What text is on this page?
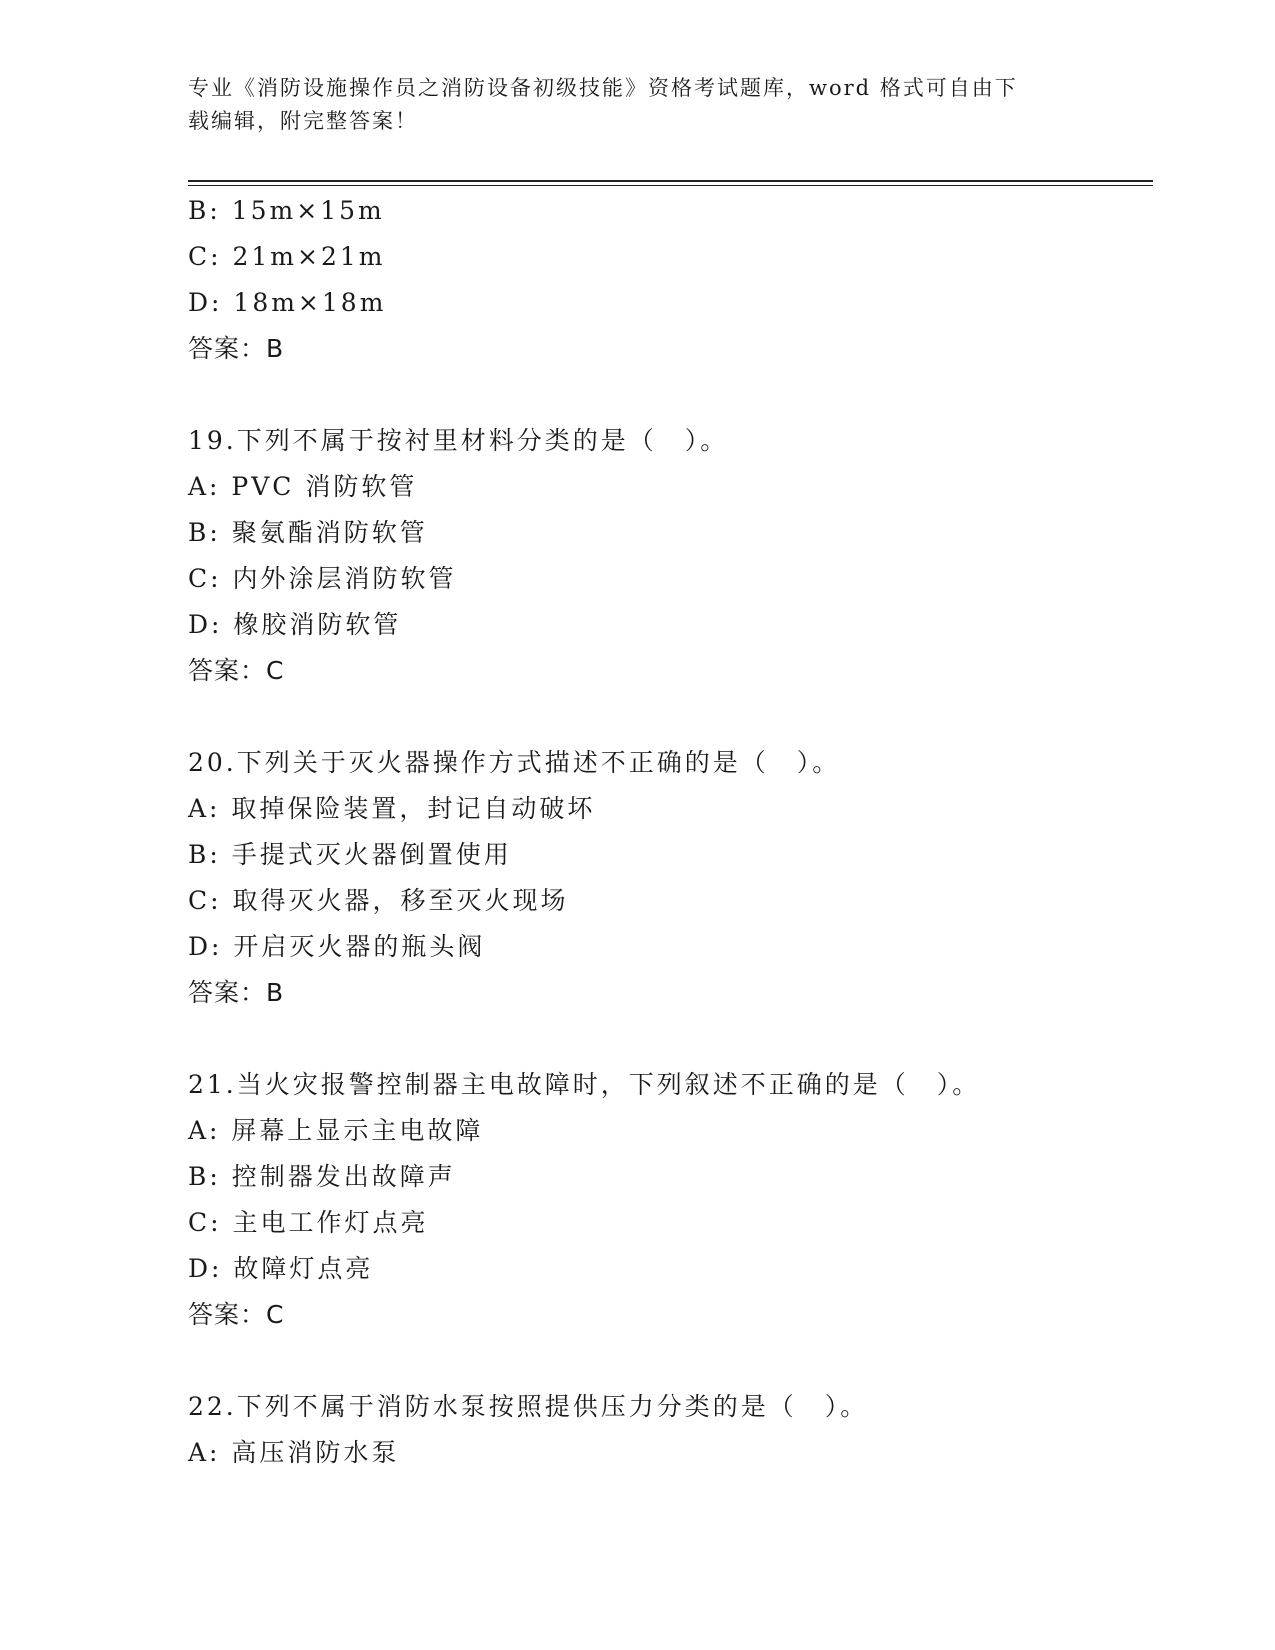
专业《消防设施操作员之消防设备初级技能》资格考试题库，word 格式可自由下
载编辑，附完整答案！
B: 15m×15m
C: 21m×21m
D: 18m×18m
答案：B
19.下列不属于按衬里材料分类的是（　）。
A: PVC 消防软管
B: 聚氨酯消防软管
C: 内外涂层消防软管
D: 橡胶消防软管
答案：C
20.下列关于灭火器操作方式描述不正确的是（　）。
A: 取掉保险装置，封记自动破坏
B: 手提式灭火器倒置使用
C: 取得灭火器，移至灭火现场
D: 开启灭火器的瓶头阀
答案：B
21.当火灾报警控制器主电故障时，下列叙述不正确的是（　）。
A: 屏幕上显示主电故障
B: 控制器发出故障声
C: 主电工作灯点亮
D: 故障灯点亮
答案：C
22.下列不属于消防水泵按照提供压力分类的是（　）。
A: 高压消防水泵
